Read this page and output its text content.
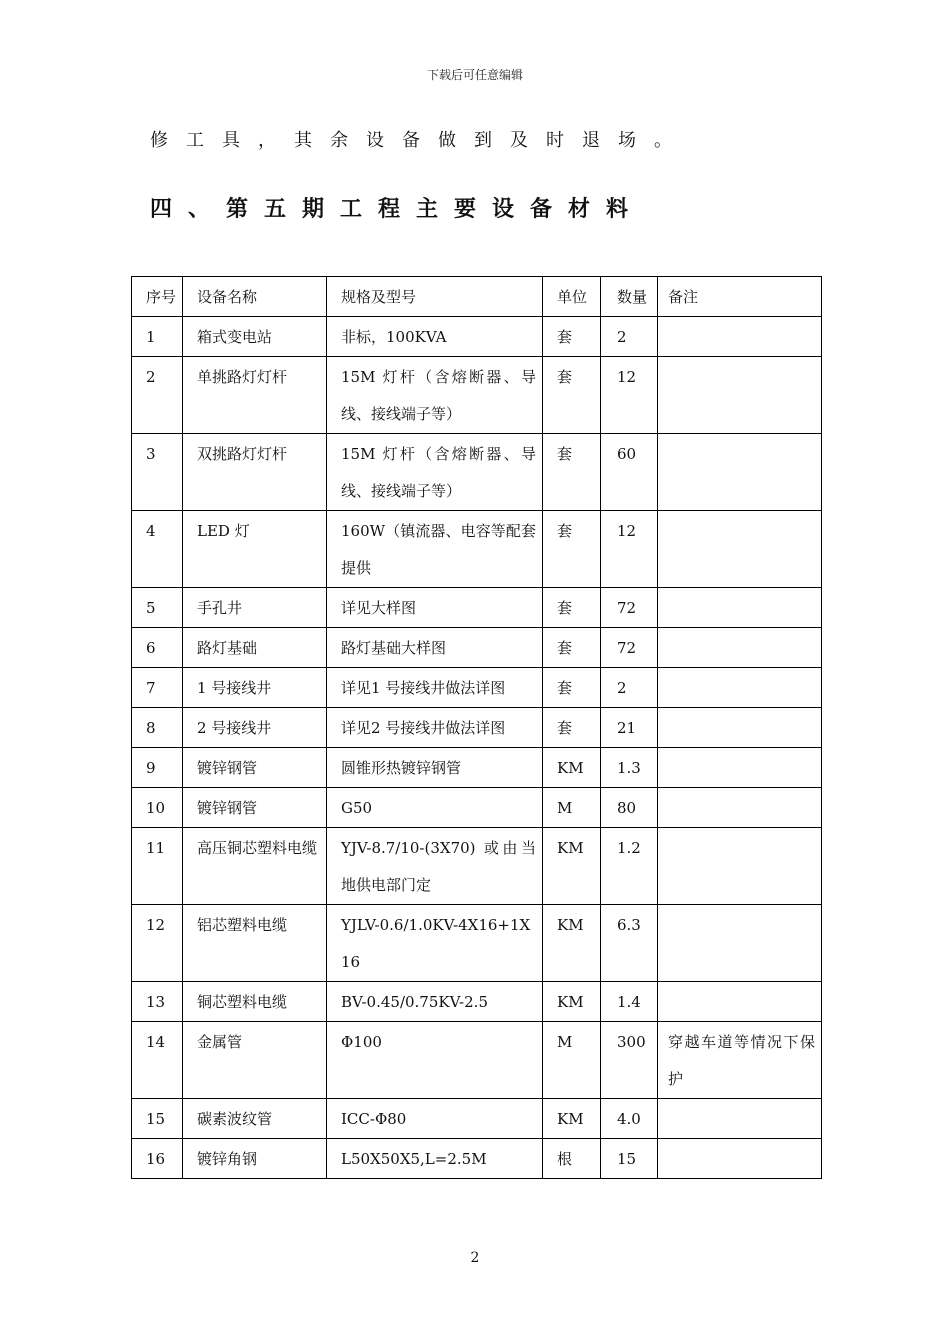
下载后可任意编辑
修工具，其余设备做到及时退场。
四、第五期工程主要设备材料
序号	设备名称	规格及型号	单位	数量	备注
1	箱式变电站	非标，100KVA	套	2	
2	单挑路灯灯杆	15M 灯杆（含熔断器、导线、接线端子等）	套	12	
3	双挑路灯灯杆	15M 灯杆（含熔断器、导线、接线端子等）	套	60	
4	LED 灯	160W（镇流器、电容等配套提供	套	12	
5	手孔井	详见大样图	套	72	
6	路灯基础	路灯基础大样图	套	72	
7	1 号接线井	详见1 号接线井做法详图	套	2	
8	2 号接线井	详见2 号接线井做法详图	套	21	
9	镀锌钢管	圆锥形热镀锌钢管	KM	1.3	
10	镀锌钢管	G50	M	80	
11	高压铜芯塑料电缆	YJV-8.7/10-(3X70) 或由当地供电部门定	KM	1.2	
12	铝芯塑料电缆	YJLV-0.6/1.0KV-4X16+1X16	KM	6.3	
13	铜芯塑料电缆	BV-0.45/0.75KV-2.5	KM	1.4	
14	金属管	Φ100	M	300	穿越车道等情况下保护
15	碳素波纹管	ICC-Φ80	KM	4.0	
16	镀锌角钢	L50X50X5,L=2.5M	根	15	
2
